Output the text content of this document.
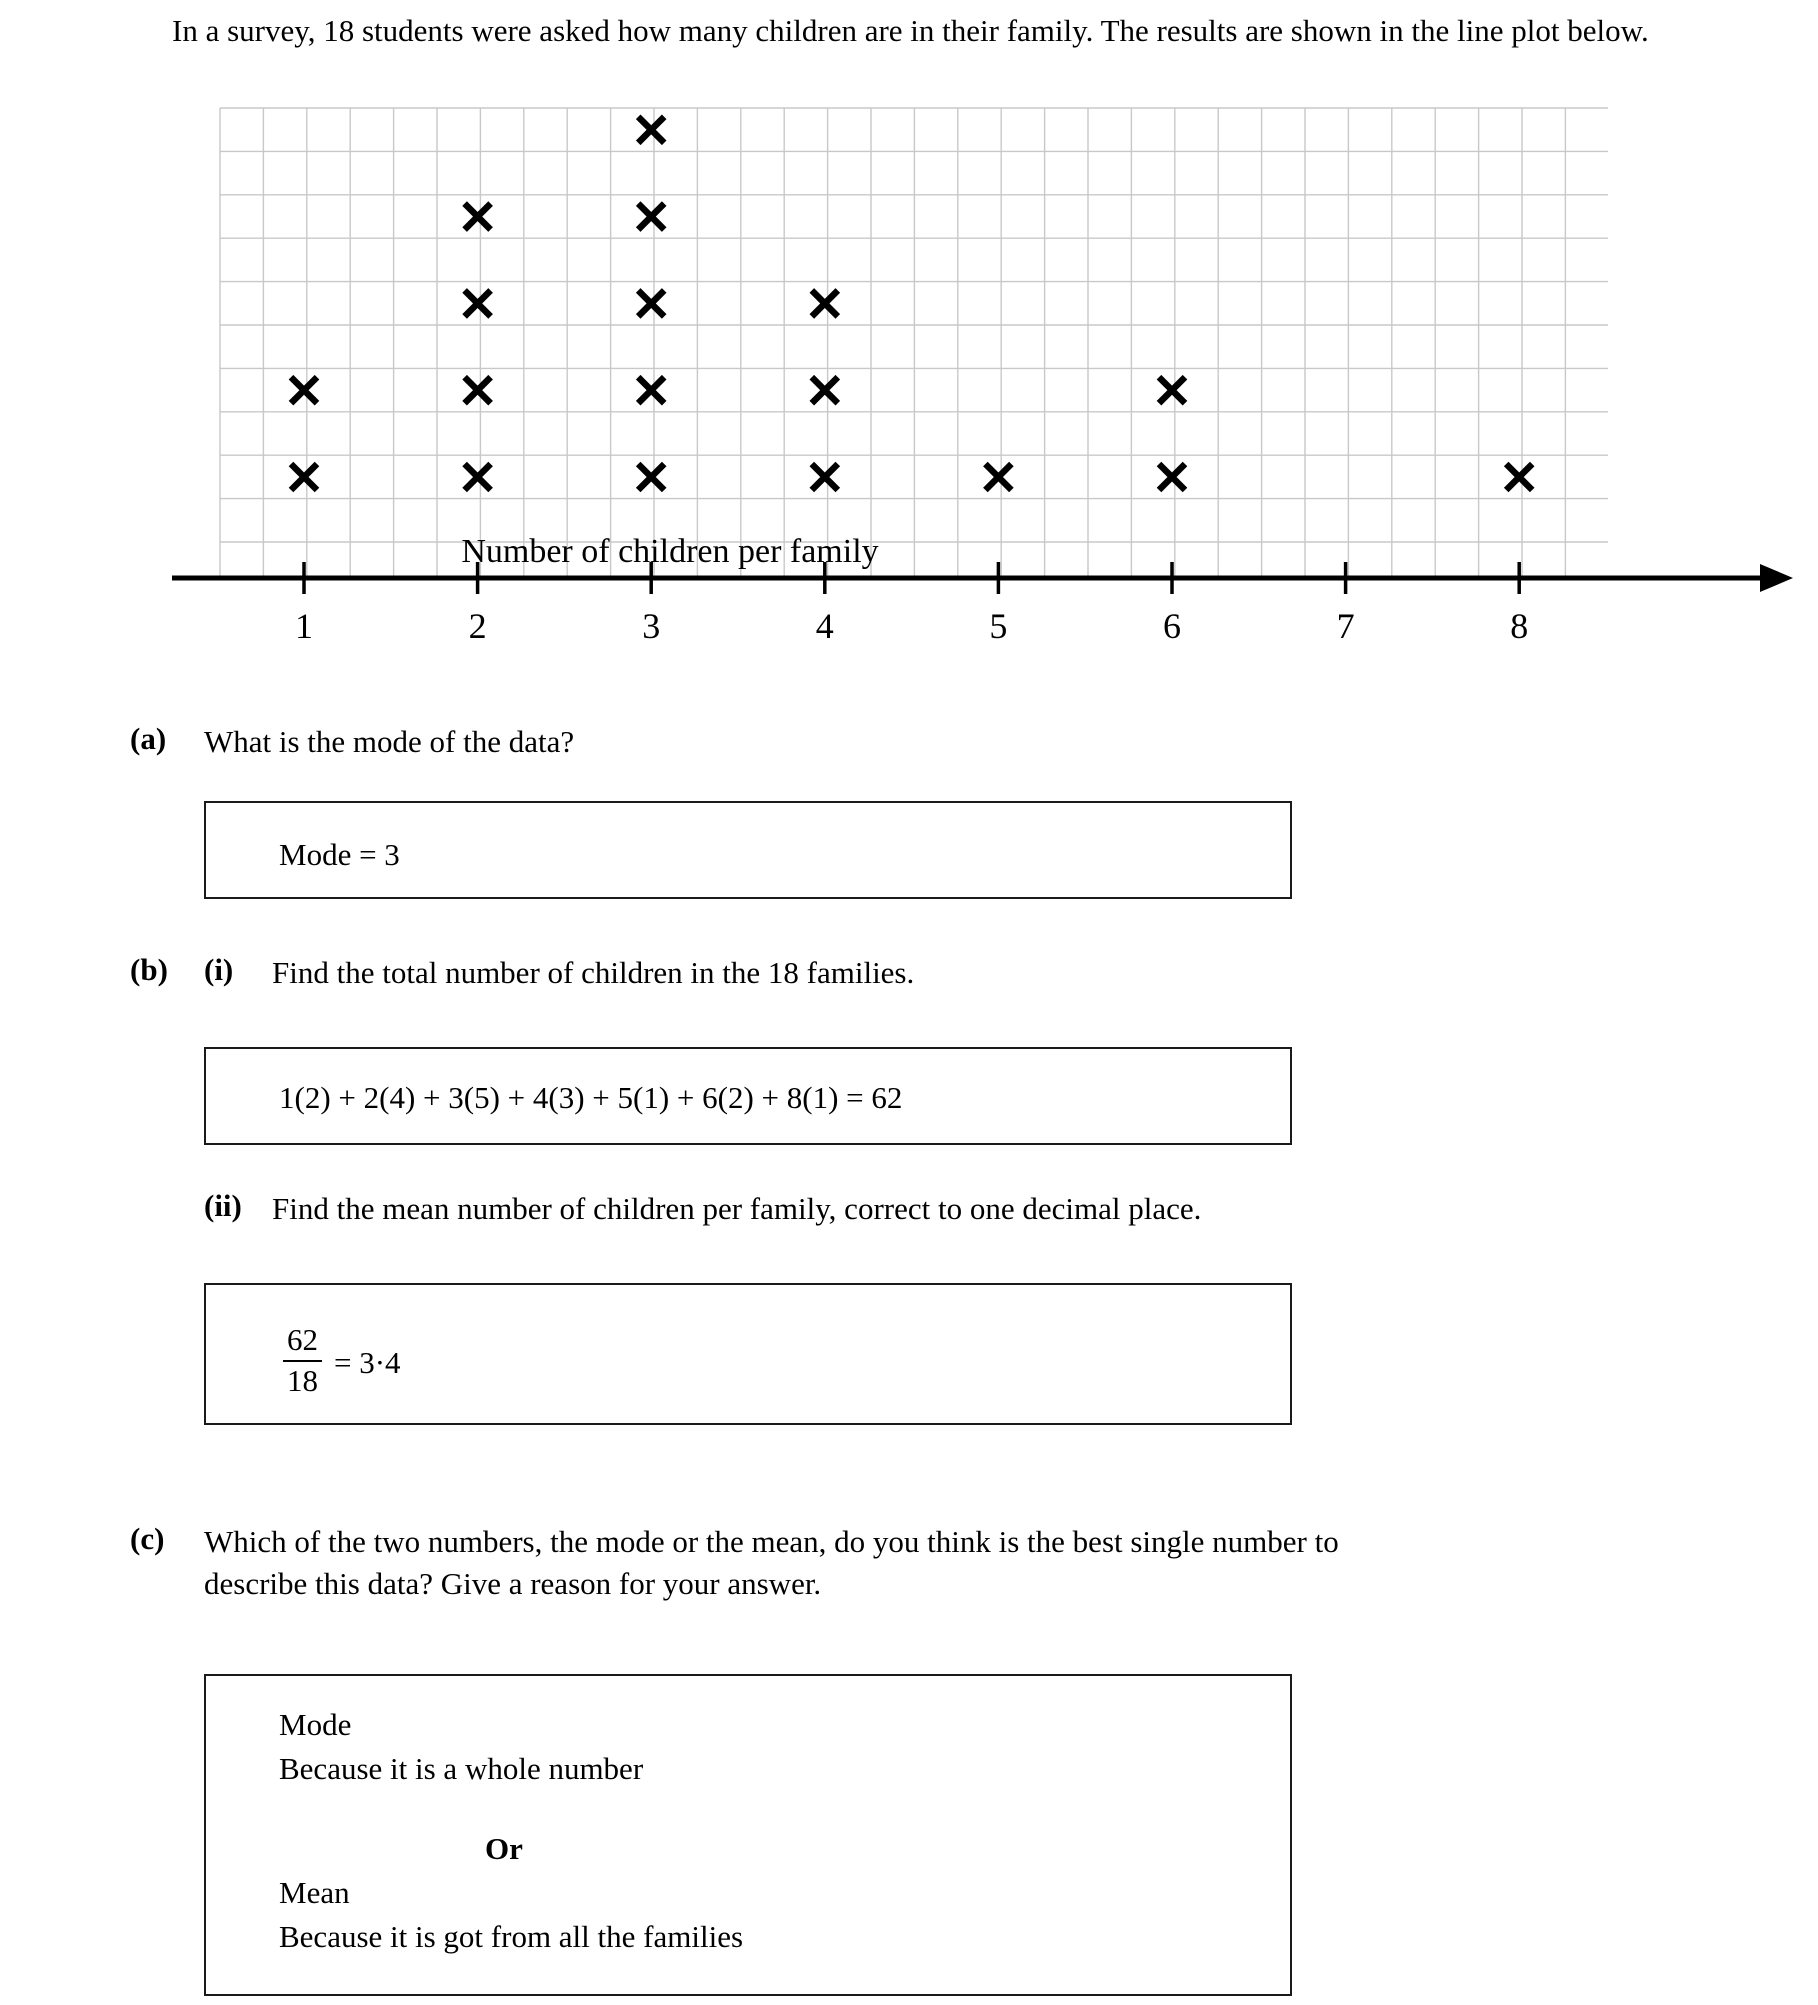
In a survey, 18 students were asked how many children are in their family. The results are shown in the line plot below.
1	2	3	4	5	6	7	8
Number of children per family
(a) What is the mode of the data?
Mode = 3
(b) (i) Find the total number of children in the 18 families.
1(2) + 2(4) + 3(5) + 4(3) + 5(1) + 6(2) + 8(1) = 62
(ii) Find the mean number of children per family, correct to one decimal place.
$\frac{62}{18} = 3\cdot 4$
(c) Which of the two numbers, the mode or the mean, do you think is the best single number to
describe this data? Give a reason for your answer.
Mode
Because it is a whole number
Or
Mean
Because it is got from all the families
